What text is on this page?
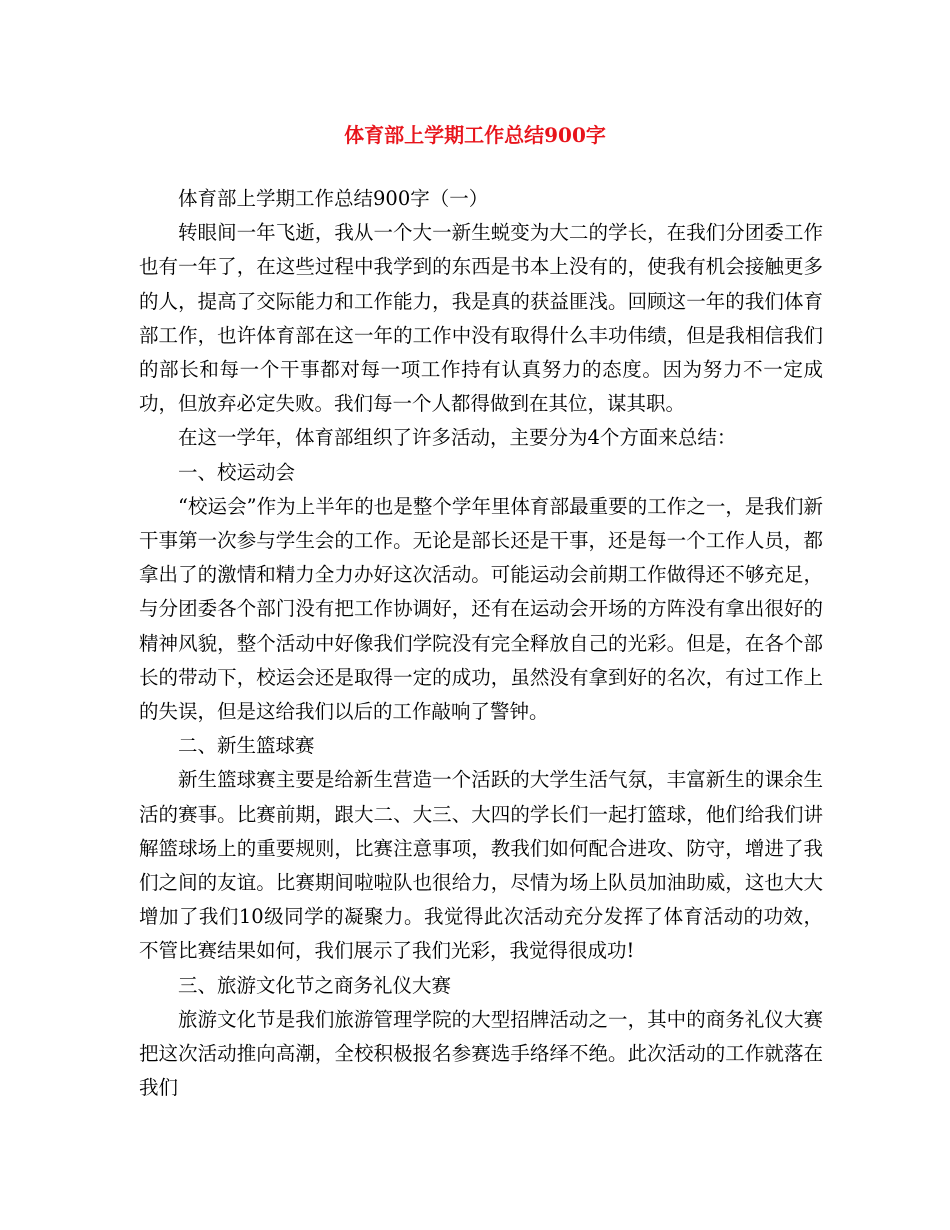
体育部上学期工作总结900字

体育部上学期工作总结900字（一）

转眼间一年飞逝，我从一个大一新生蜕变为大二的学长，在我们分团委工作也有一年了，在这些过程中我学到的东西是书本上没有的，使我有机会接触更多的人，提高了交际能力和工作能力，我是真的获益匪浅。回顾这一年的我们体育部工作，也许体育部在这一年的工作中没有取得什么丰功伟绩，但是我相信我们的部长和每一个干事都对每一项工作持有认真努力的态度。因为努力不一定成功，但放弃必定失败。我们每一个人都得做到在其位，谋其职。

在这一学年，体育部组织了许多活动，主要分为4个方面来总结：

一、校运动会

“校运会”作为上半年的也是整个学年里体育部最重要的工作之一，是我们新干事第一次参与学生会的工作。无论是部长还是干事，还是每一个工作人员，都拿出了的激情和精力全力办好这次活动。可能运动会前期工作做得还不够充足，与分团委各个部门没有把工作协调好，还有在运动会开场的方阵没有拿出很好的精神风貌，整个活动中好像我们学院没有完全释放自己的光彩。但是，在各个部长的带动下，校运会还是取得一定的成功，虽然没有拿到好的名次，有过工作上的失误，但是这给我们以后的工作敲响了警钟。

二、新生篮球赛

新生篮球赛主要是给新生营造一个活跃的大学生活气氛，丰富新生的课余生活的赛事。比赛前期，跟大二、大三、大四的学长们一起打篮球，他们给我们讲解篮球场上的重要规则，比赛注意事项，教我们如何配合进攻、防守，增进了我们之间的友谊。比赛期间啦啦队也很给力，尽情为场上队员加油助威，这也大大增加了我们10级同学的凝聚力。我觉得此次活动充分发挥了体育活动的功效，不管比赛结果如何，我们展示了我们光彩，我觉得很成功!

三、旅游文化节之商务礼仪大赛

旅游文化节是我们旅游管理学院的大型招牌活动之一，其中的商务礼仪大赛把这次活动推向高潮，全校积极报名参赛选手络绎不绝。此次活动的工作就落在我们
